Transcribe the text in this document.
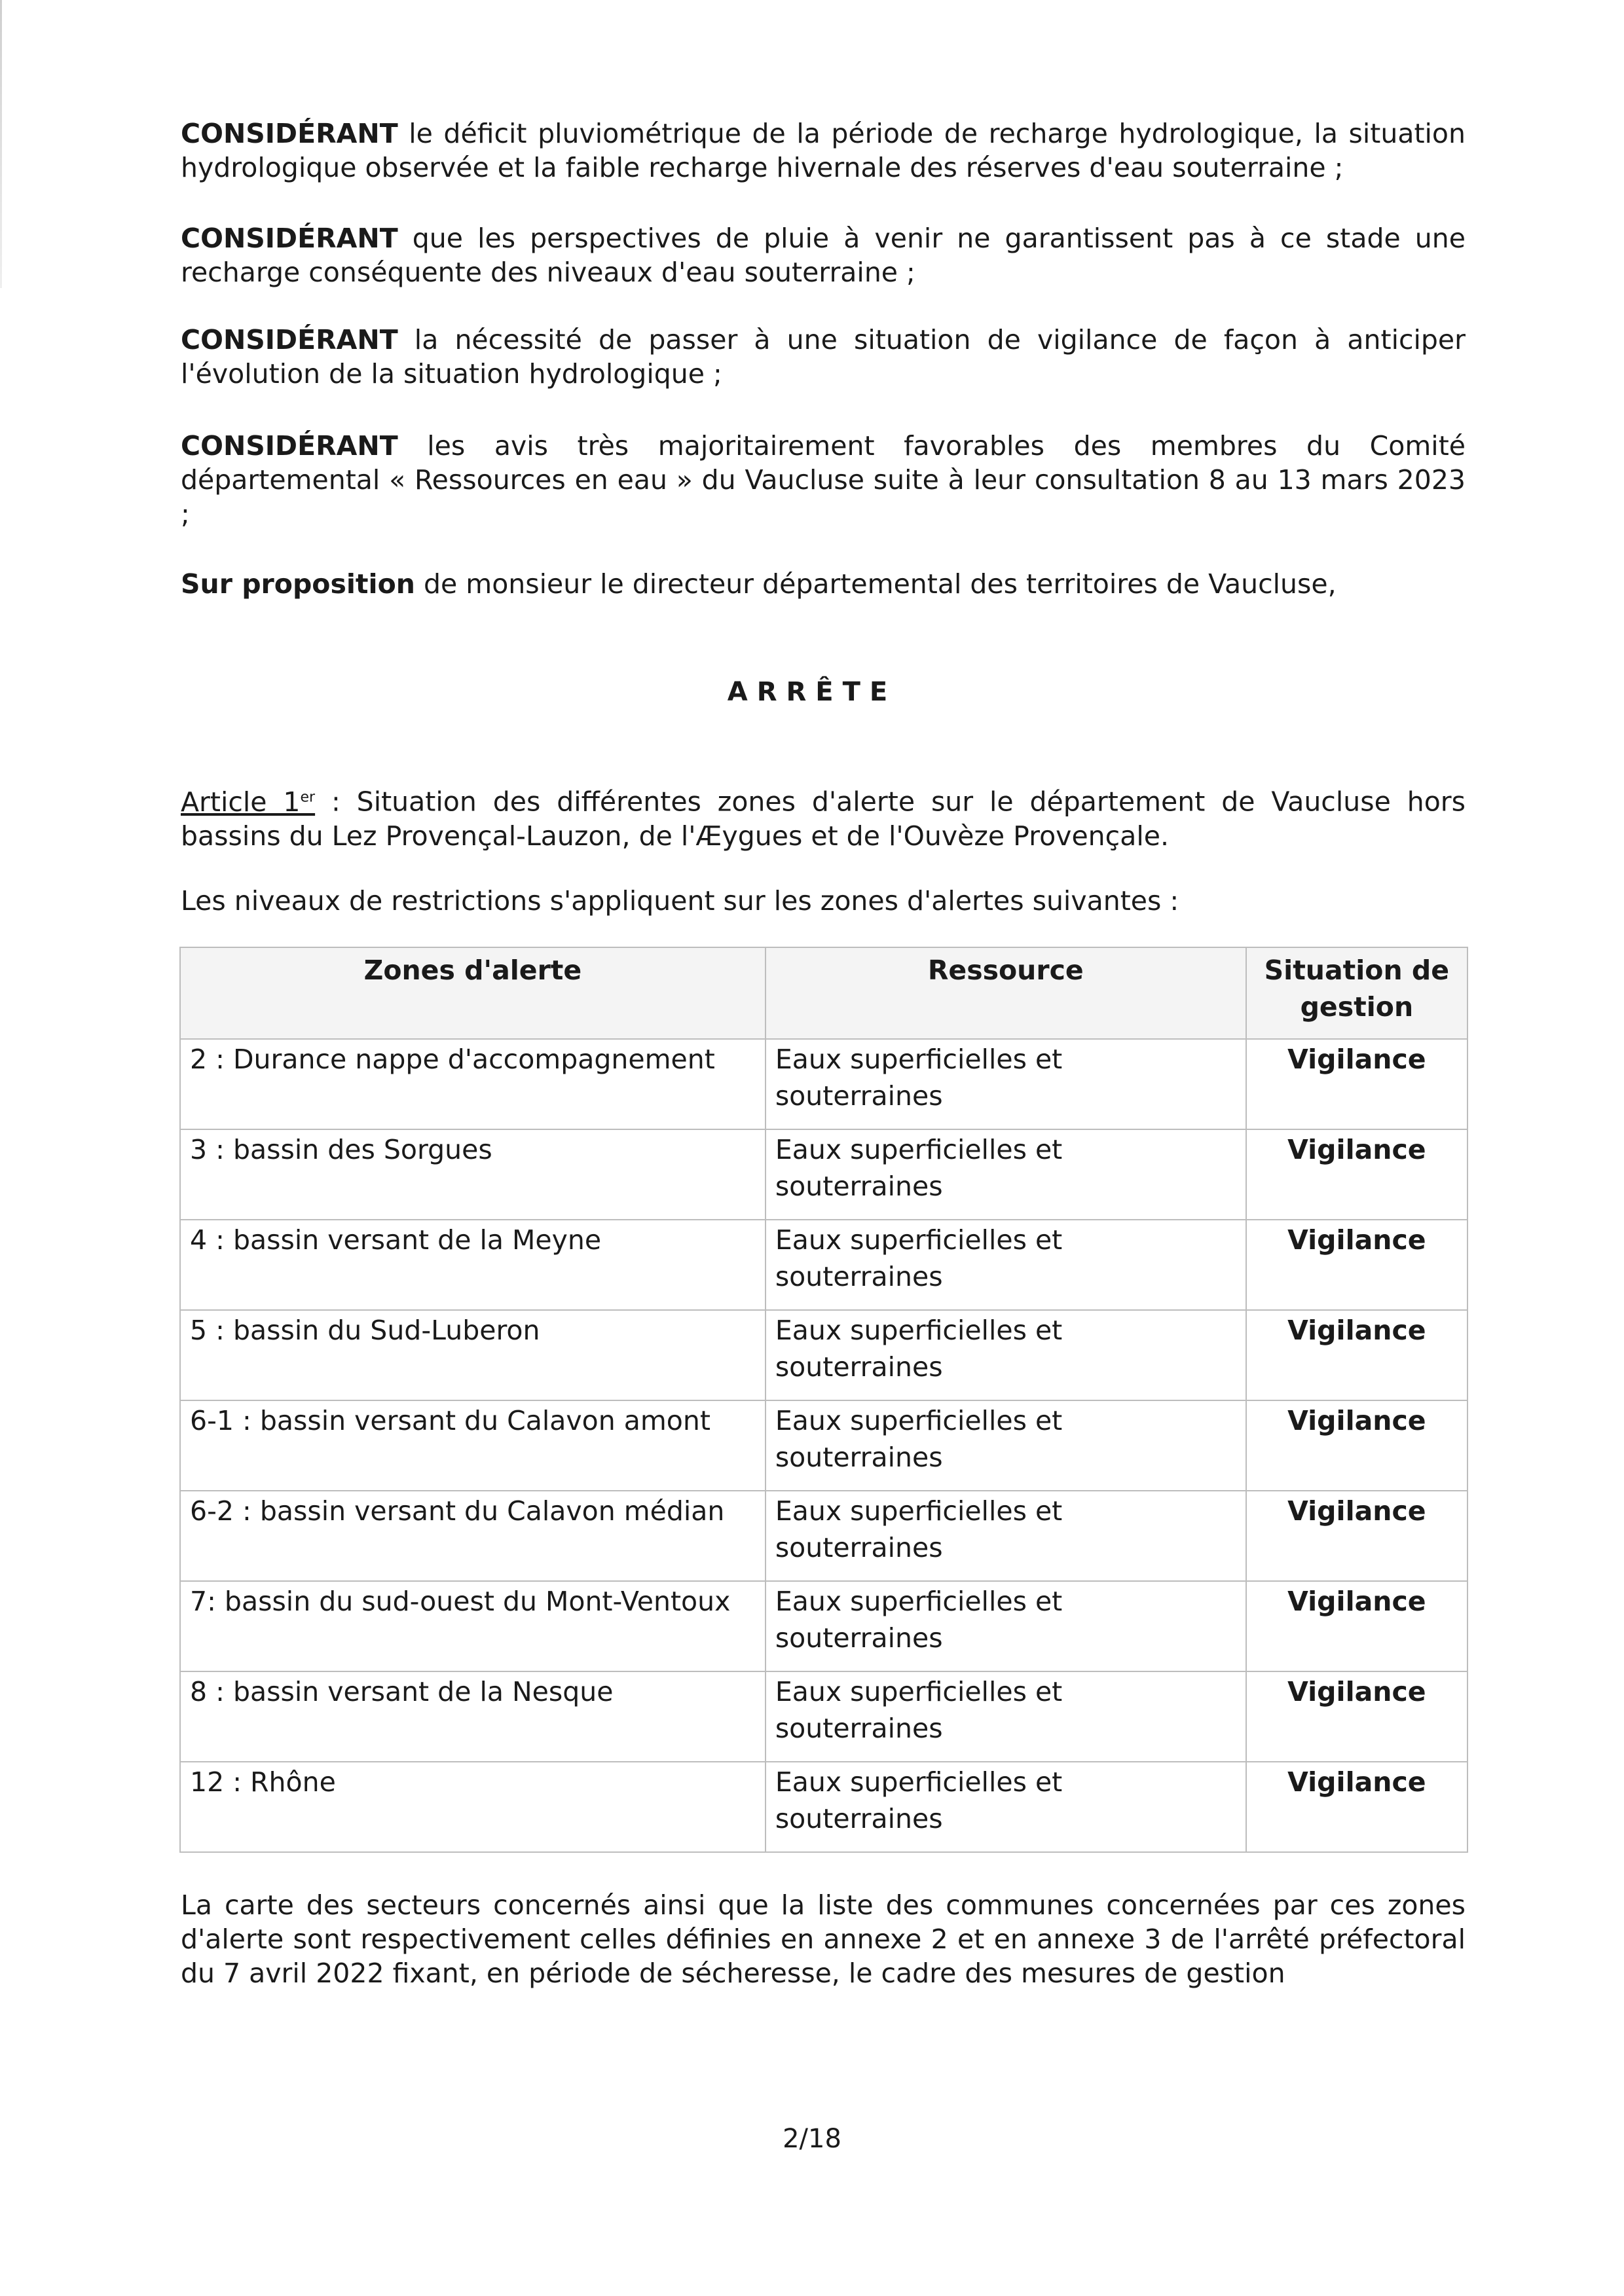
CONSIDÉRANT le déficit pluviométrique de la période de recharge hydrologique, la situation hydrologique observée et la faible recharge hivernale des réserves d'eau souterraine ;

CONSIDÉRANT que les perspectives de pluie à venir ne garantissent pas à ce stade une recharge conséquente des niveaux d'eau souterraine ;

CONSIDÉRANT la nécessité de passer à une situation de vigilance de façon à anticiper l'évolution de la situation hydrologique ;

CONSIDÉRANT les avis très majoritairement favorables des membres du Comité départemental « Ressources en eau » du Vaucluse suite à leur consultation 8 au 13 mars 2023 ;

Sur proposition de monsieur le directeur départemental des territoires de Vaucluse,

ARRÊTE

Article 1er : Situation des différentes zones d'alerte sur le département de Vaucluse hors bassins du Lez Provençal-Lauzon, de l'Æygues et de l'Ouvèze Provençale.

Les niveaux de restrictions s'appliquent sur les zones d'alertes suivantes :

Zones d'alerte	Ressource	Situation de gestion
2 : Durance nappe d'accompagnement	Eaux superficielles et souterraines	Vigilance
3 : bassin des Sorgues	Eaux superficielles et souterraines	Vigilance
4 : bassin versant de la Meyne	Eaux superficielles et souterraines	Vigilance
5 : bassin du Sud-Luberon	Eaux superficielles et souterraines	Vigilance
6-1 : bassin versant du Calavon amont	Eaux superficielles et souterraines	Vigilance
6-2 : bassin versant du Calavon médian	Eaux superficielles et souterraines	Vigilance
7: bassin du sud-ouest du Mont-Ventoux	Eaux superficielles et souterraines	Vigilance
8 : bassin versant de la Nesque	Eaux superficielles et souterraines	Vigilance
12 : Rhône	Eaux superficielles et souterraines	Vigilance

La carte des secteurs concernés ainsi que la liste des communes concernées par ces zones d'alerte sont respectivement celles définies en annexe 2 et en annexe 3 de l'arrêté préfectoral du 7 avril 2022 fixant, en période de sécheresse, le cadre des mesures de gestion

2/18
